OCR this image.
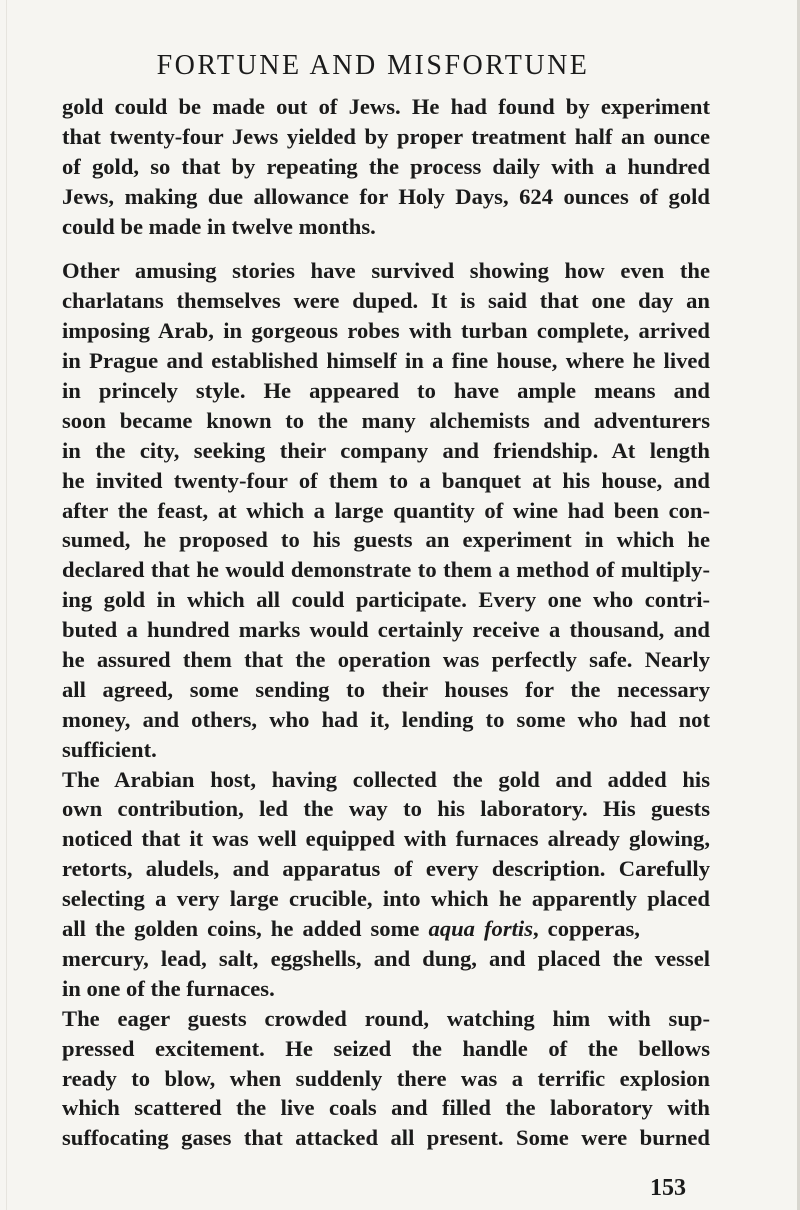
FORTUNE AND MISFORTUNE
gold could be made out of Jews. He had found by experiment
that twenty-four Jews yielded by proper treatment half an ounce
of gold, so that by repeating the process daily with a hundred
Jews, making due allowance for Holy Days, 624 ounces of gold
could be made in twelve months.
Other amusing stories have survived showing how even the
charlatans themselves were duped. It is said that one day an
imposing Arab, in gorgeous robes with turban complete, arrived
in Prague and established himself in a fine house, where he lived
in princely style. He appeared to have ample means and
soon became known to the many alchemists and adventurers
in the city, seeking their company and friendship. At length
he invited twenty-four of them to a banquet at his house, and
after the feast, at which a large quantity of wine had been con-
sumed, he proposed to his guests an experiment in which he
declared that he would demonstrate to them a method of multiply-
ing gold in which all could participate. Every one who contri-
buted a hundred marks would certainly receive a thousand, and
he assured them that the operation was perfectly safe. Nearly
all agreed, some sending to their houses for the necessary
money, and others, who had it, lending to some who had not
sufficient.
The Arabian host, having collected the gold and added his
own contribution, led the way to his laboratory. His guests
noticed that it was well equipped with furnaces already glowing,
retorts, aludels, and apparatus of every description. Carefully
selecting a very large crucible, into which he apparently placed
all the golden coins, he added some aqua fortis, copperas,
mercury, lead, salt, eggshells, and dung, and placed the vessel
in one of the furnaces.
The eager guests crowded round, watching him with sup-
pressed excitement. He seized the handle of the bellows
ready to blow, when suddenly there was a terrific explosion
which scattered the live coals and filled the laboratory with
suffocating gases that attacked all present. Some were burned
153
